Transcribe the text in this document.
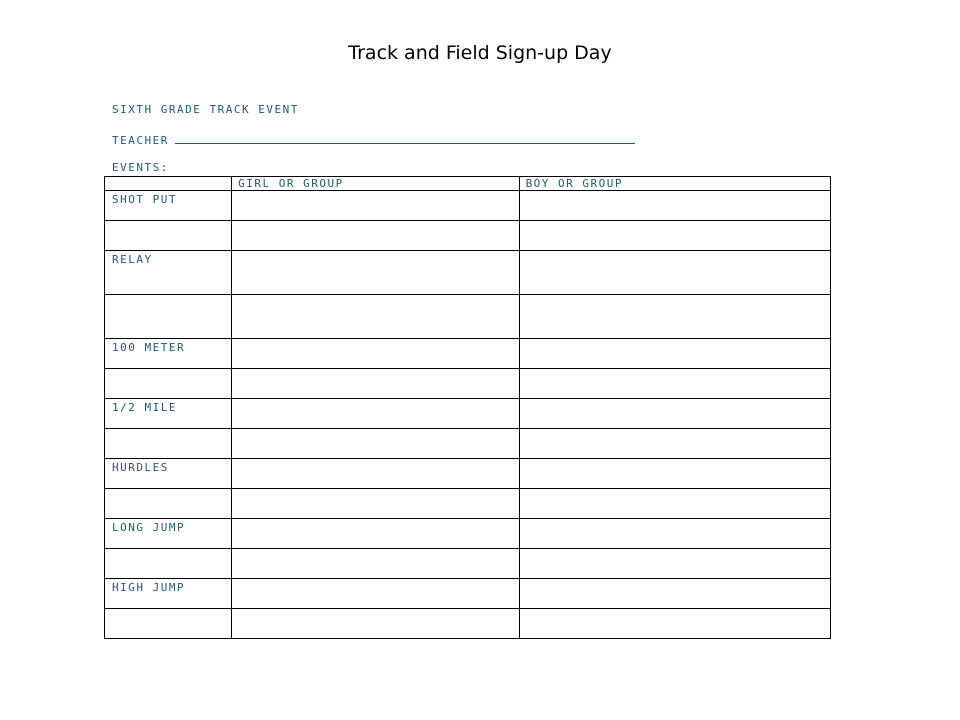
Track and Field Sign-up Day
SIXTH GRADE TRACK EVENT
TEACHER
EVENTS:
	GIRL OR GROUP	BOY OR GROUP

SHOT PUT		

RELAY		

100 METER		

1/2 MILE		

HURDLES		

LONG JUMP		

HIGH JUMP		
